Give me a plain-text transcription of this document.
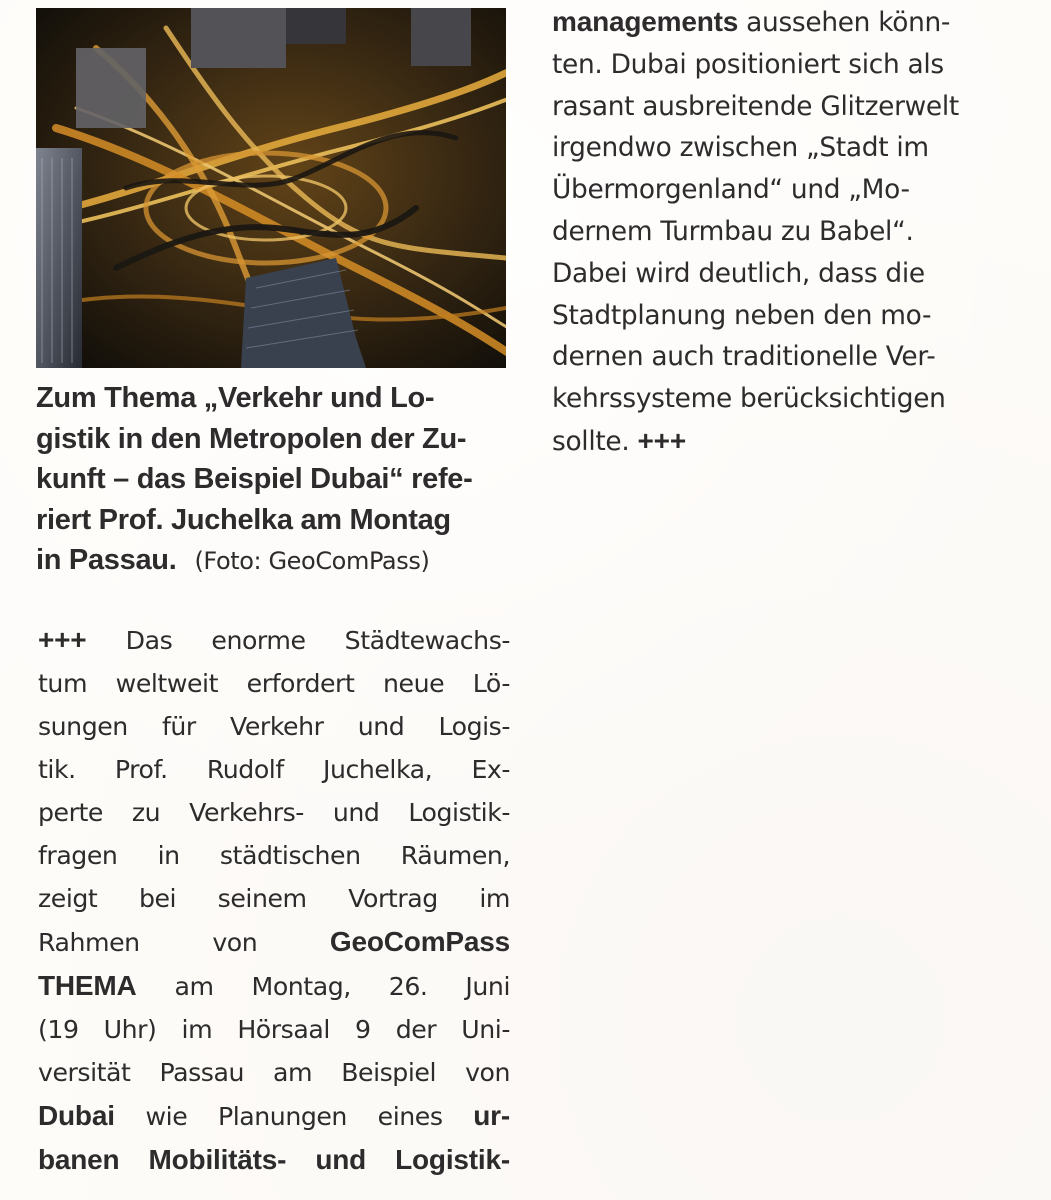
Zum Thema „Verkehr und Lo-
gistik in den Metropolen der Zu-
kunft – das Beispiel Dubai“ refe-
riert Prof. Juchelka am Montag
in Passau. (Foto: GeoComPass)
+++ Das enorme Städtewachs-
tum weltweit erfordert neue Lö-
sungen für Verkehr und Logis-
tik. Prof. Rudolf Juchelka, Ex-
perte zu Verkehrs- und Logistik-
fragen in städtischen Räumen,
zeigt bei seinem Vortrag im
Rahmen von GeoComPass
THEMA am Montag, 26. Juni
(19 Uhr) im Hörsaal 9 der Uni-
versität Passau am Beispiel von
Dubai wie Planungen eines ur-
banen Mobilitäts- und Logistik-
managements aussehen könn-
ten. Dubai positioniert sich als
rasant ausbreitende Glitzerwelt
irgendwo zwischen „Stadt im
Übermorgenland“ und „Mo-
dernem Turmbau zu Babel“.
Dabei wird deutlich, dass die
Stadtplanung neben den mo-
dernen auch traditionelle Ver-
kehrssysteme berücksichtigen
sollte. +++
